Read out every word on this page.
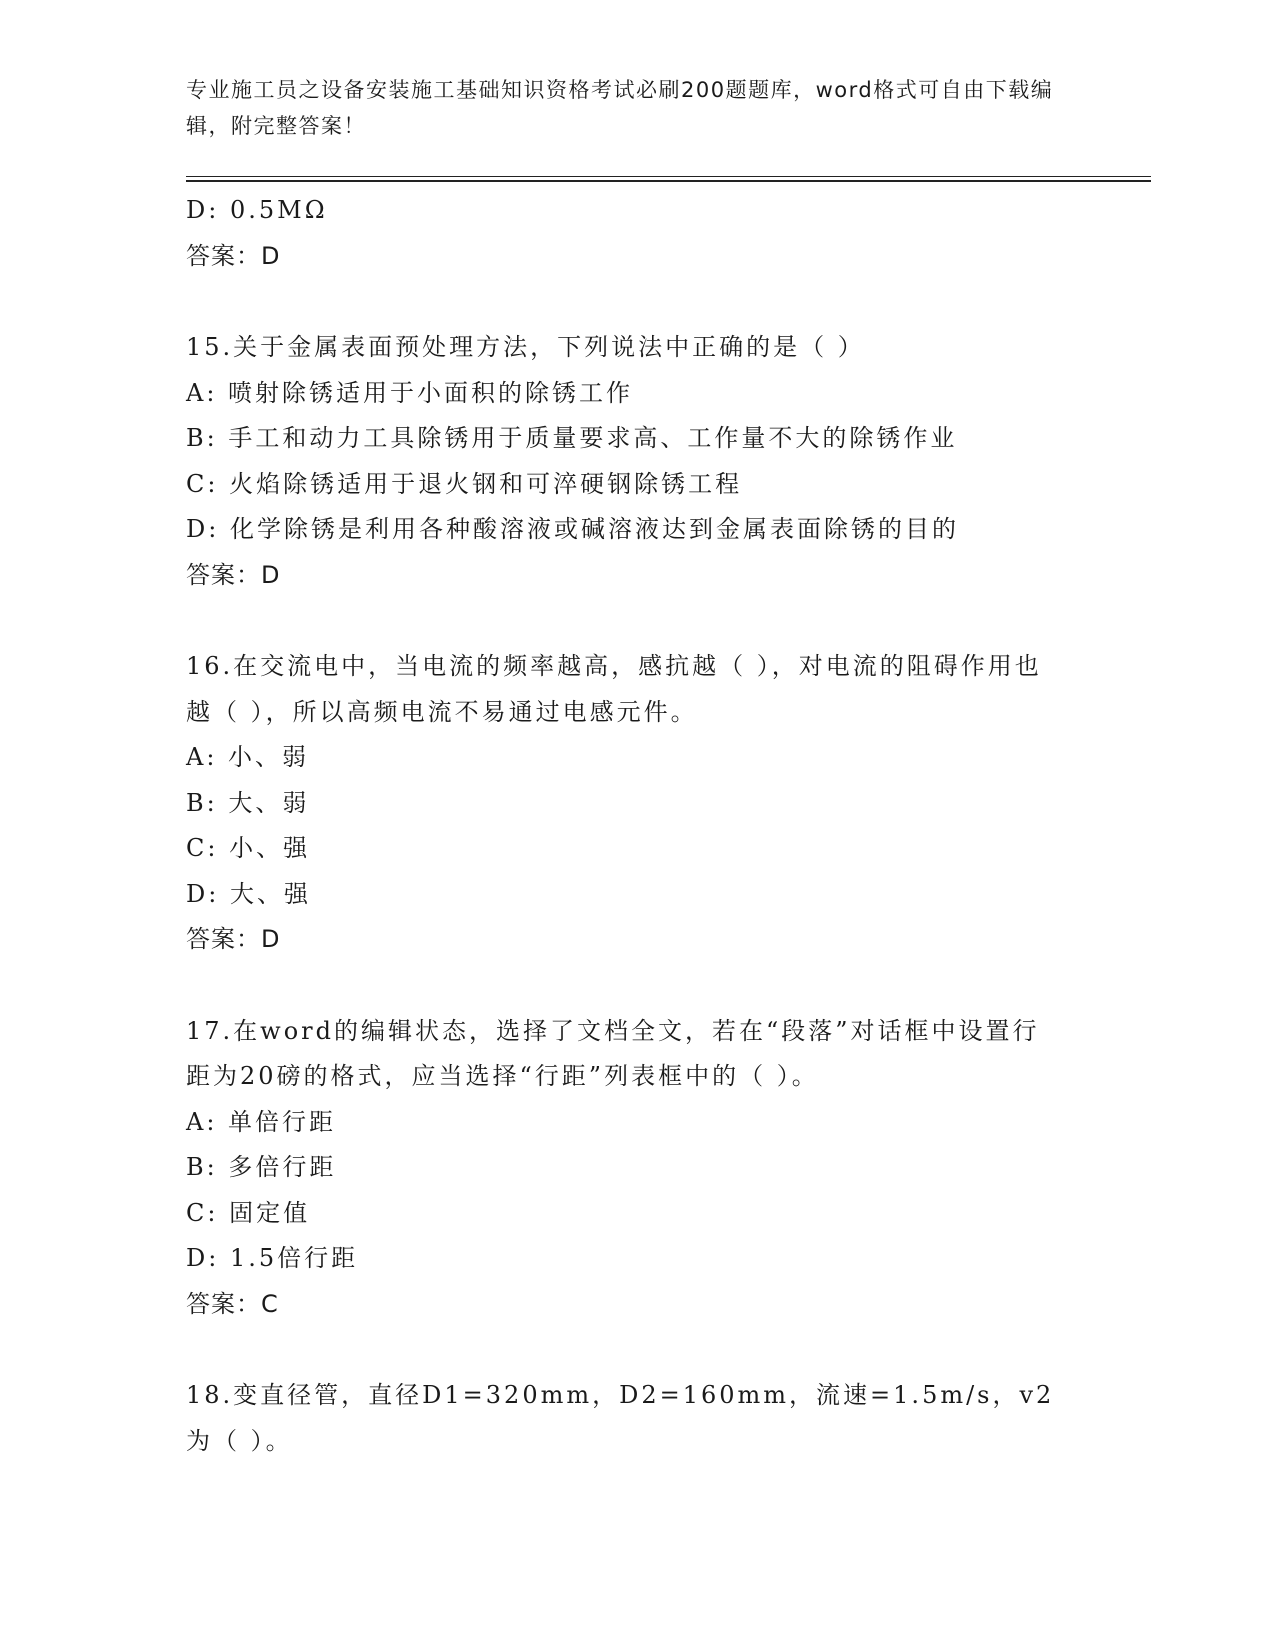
专业施工员之设备安装施工基础知识资格考试必刷200题题库，word格式可自由下载编辑，附完整答案！
D: 0.5MΩ
答案：D
15.关于金属表面预处理方法，下列说法中正确的是（ ）
A: 喷射除锈适用于小面积的除锈工作
B: 手工和动力工具除锈用于质量要求高、工作量不大的除锈作业
C: 火焰除锈适用于退火钢和可淬硬钢除锈工程
D: 化学除锈是利用各种酸溶液或碱溶液达到金属表面除锈的目的
答案：D
16.在交流电中，当电流的频率越高，感抗越（ ），对电流的阻碍作用也越（ ），所以高频电流不易通过电感元件。
A: 小、弱
B: 大、弱
C: 小、强
D: 大、强
答案：D
17.在word的编辑状态，选择了文档全文，若在“段落”对话框中设置行距为20磅的格式，应当选择“行距”列表框中的（ ）。
A: 单倍行距
B: 多倍行距
C: 固定值
D: 1.5倍行距
答案：C
18.变直径管，直径D1=320mm，D2=160mm，流速=1.5m/s，v2为（ ）。
